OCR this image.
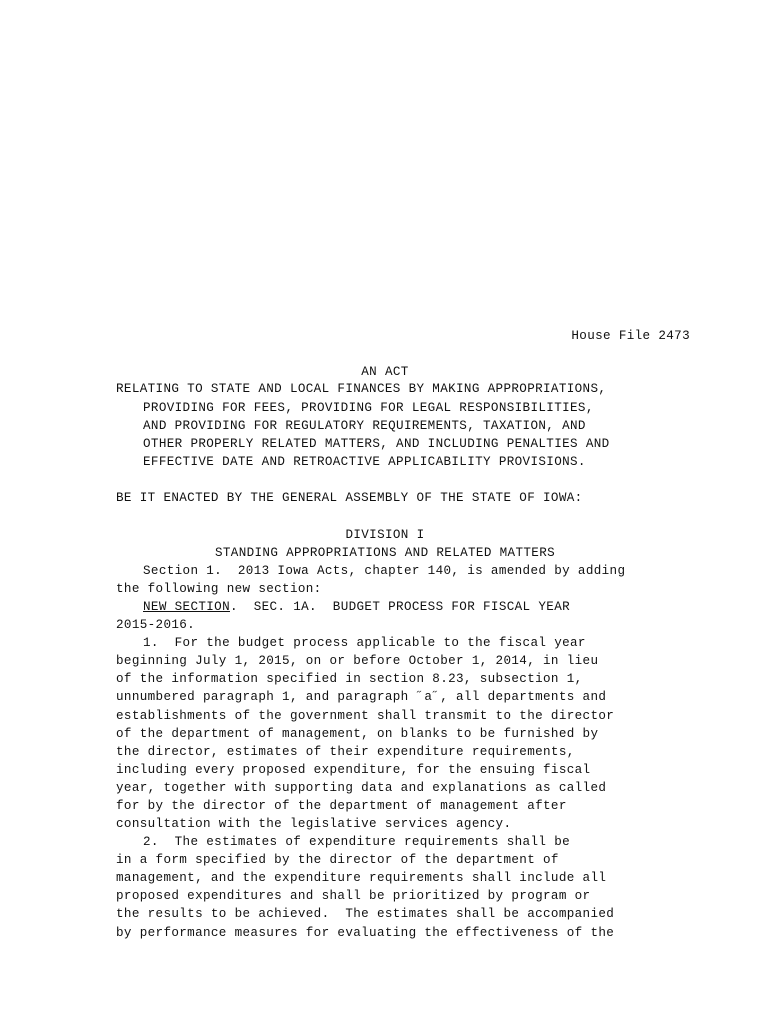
House File 2473
AN ACT
RELATING TO STATE AND LOCAL FINANCES BY MAKING APPROPRIATIONS,
PROVIDING FOR FEES, PROVIDING FOR LEGAL RESPONSIBILITIES,
AND PROVIDING FOR REGULATORY REQUIREMENTS, TAXATION, AND
OTHER PROPERLY RELATED MATTERS, AND INCLUDING PENALTIES AND
EFFECTIVE DATE AND RETROACTIVE APPLICABILITY PROVISIONS.
BE IT ENACTED BY THE GENERAL ASSEMBLY OF THE STATE OF IOWA:
DIVISION I
STANDING APPROPRIATIONS AND RELATED MATTERS
Section 1.  2013 Iowa Acts, chapter 140, is amended by adding
the following new section:
NEW SECTION.  SEC. 1A.  BUDGET PROCESS FOR FISCAL YEAR
2015-2016.
1.  For the budget process applicable to the fiscal year
beginning July 1, 2015, on or before October 1, 2014, in lieu
of the information specified in section 8.23, subsection 1,
unnumbered paragraph 1, and paragraph ˝а˝, all departments and
establishments of the government shall transmit to the director
of the department of management, on blanks to be furnished by
the director, estimates of their expenditure requirements,
including every proposed expenditure, for the ensuing fiscal
year, together with supporting data and explanations as called
for by the director of the department of management after
consultation with the legislative services agency.
2.  The estimates of expenditure requirements shall be
in a form specified by the director of the department of
management, and the expenditure requirements shall include all
proposed expenditures and shall be prioritized by program or
the results to be achieved.  The estimates shall be accompanied
by performance measures for evaluating the effectiveness of the
